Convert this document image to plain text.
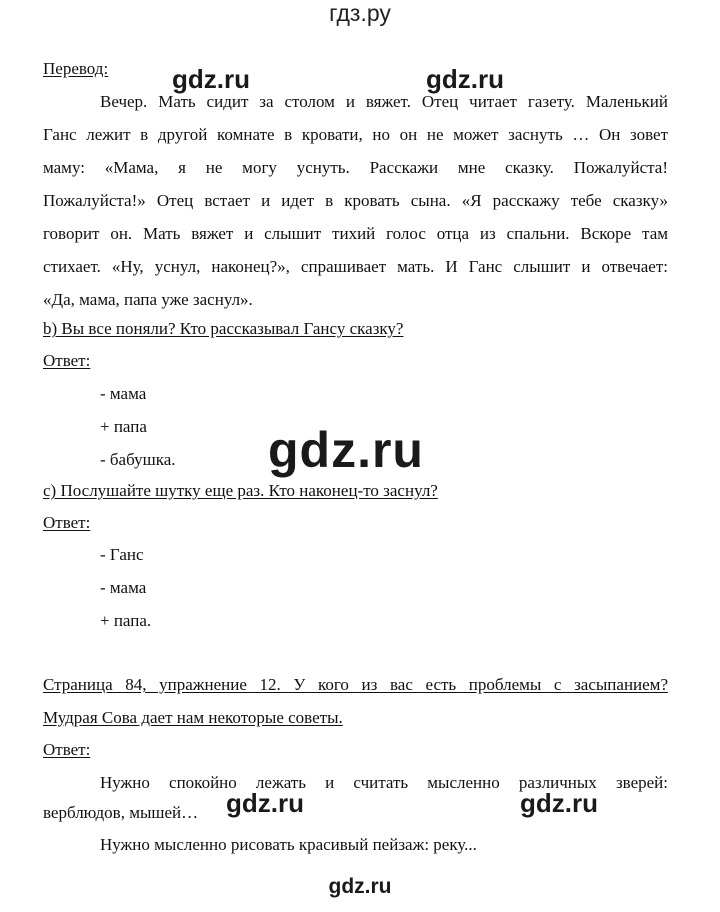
гдз.ру
gdz.ru	gdz.ru
gdz.ru
gdz.ru	gdz.ru
gdz.ru
Перевод:
Вечер. Мать сидит за столом и вяжет. Отец читает газету. Маленький
Ганс лежит в другой комнате в кровати, но он не может заснуть … Он зовет
маму: «Мама, я не могу уснуть. Расскажи мне сказку. Пожалуйста!
Пожалуйста!» Отец встает и идет в кровать сына. «Я расскажу тебе сказку»
говорит он. Мать вяжет и слышит тихий голос отца из спальни. Вскоре там
стихает. «Ну, уснул, наконец?», спрашивает мать. И Ганс слышит и отвечает:
«Да, мама, папа уже заснул».
b) Вы все поняли? Кто рассказывал Гансу сказку?
Ответ:
- мама
+ папа
- бабушка.
c) Послушайте шутку еще раз. Кто наконец-то заснул?
Ответ:
- Ганс
- мама
+ папа.
Страница 84, упражнение 12. У кого из вас есть проблемы с засыпанием?
Мудрая Сова дает нам некоторые советы.
Ответ:
Нужно спокойно лежать и считать мысленно различных зверей:
верблюдов, мышей…
Нужно мысленно рисовать красивый пейзаж: реку...
